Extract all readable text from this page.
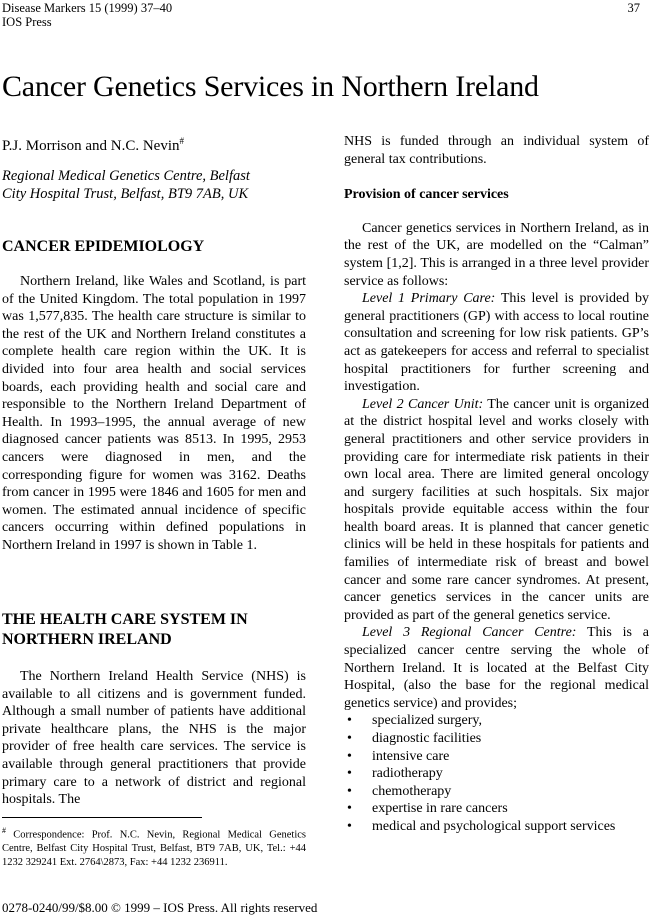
Disease Markers 15 (1999) 37–40
IOS Press
37
Cancer Genetics Services in Northern Ireland
P.J. Morrison and N.C. Nevin#
Regional Medical Genetics Centre, Belfast
City Hospital Trust, Belfast, BT9 7AB, UK
CANCER EPIDEMIOLOGY

Northern Ireland, like Wales and Scotland, is part of the United Kingdom. The total population in 1997 was 1,577,835. The health care structure is similar to the rest of the UK and Northern Ireland constitutes a complete health care region within the UK. It is divided into four area health and social services boards, each providing health and social care and responsible to the Northern Ireland Department of Health. In 1993–1995, the annual average of new diagnosed cancer patients was 8513. In 1995, 2953 cancers were diagnosed in men, and the corresponding figure for women was 3162. Deaths from cancer in 1995 were 1846 and 1605 for men and women. The estimated annual incidence of specific cancers occurring within defined populations in Northern Ireland in 1997 is shown in Table 1.

THE HEALTH CARE SYSTEM IN
NORTHERN IRELAND

The Northern Ireland Health Service (NHS) is available to all citizens and is government funded. Although a small number of patients have additional private healthcare plans, the NHS is the major provider of free health care services. The service is available through general practitioners that provide primary care to a network of district and regional hospitals. The

# Correspondence: Prof. N.C. Nevin, Regional Medical Genetics Centre, Belfast City Hospital Trust, Belfast, BT9 7AB, UK, Tel.: +44 1232 329241 Ext. 2764\2873, Fax: +44 1232 236911.

NHS is funded through an individual system of general tax contributions.

Provision of cancer services

Cancer genetics services in Northern Ireland, as in the rest of the UK, are modelled on the “Calman” system [1,2]. This is arranged in a three level provider service as follows:

Level 1 Primary Care: This level is provided by general practitioners (GP) with access to local routine consultation and screening for low risk patients. GP’s act as gatekeepers for access and referral to specialist hospital practitioners for further screening and investigation.

Level 2 Cancer Unit: The cancer unit is organized at the district hospital level and works closely with general practitioners and other service providers in providing care for intermediate risk patients in their own local area. There are limited general oncology and surgery facilities at such hospitals. Six major hospitals provide equitable access within the four health board areas. It is planned that cancer genetic clinics will be held in these hospitals for patients and families of intermediate risk of breast and bowel cancer and some rare cancer syndromes. At present, cancer genetics services in the cancer units are provided as part of the general genetics service.

Level 3 Regional Cancer Centre: This is a specialized cancer centre serving the whole of Northern Ireland. It is located at the Belfast City Hospital, (also the base for the regional medical genetics service) and provides;

• specialized surgery,
• diagnostic facilities
• intensive care
• radiotherapy
• chemotherapy
• expertise in rare cancers
• medical and psychological support services
0278-0240/99/$8.00 © 1999 – IOS Press. All rights reserved
